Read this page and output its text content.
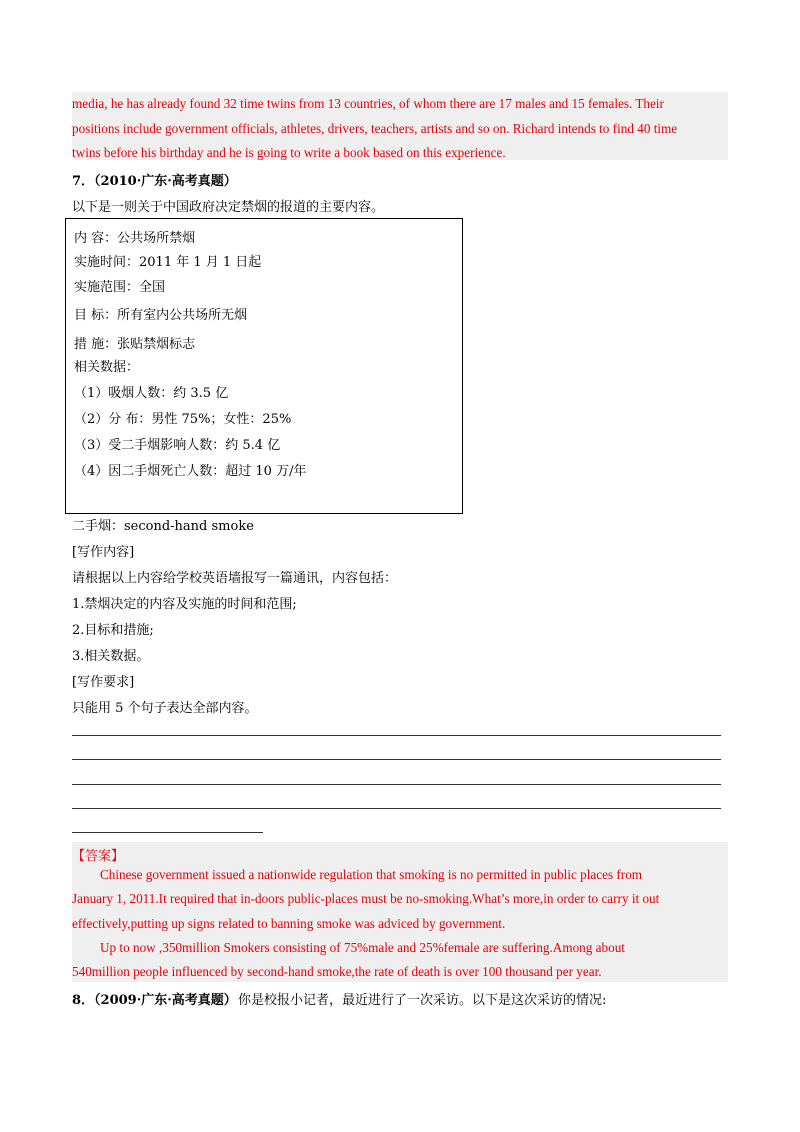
media, he has already found 32 time twins from 13 countries, of whom there are 17 males and 15 females. Their

positions include government officials, athletes, drivers, teachers, artists and so on. Richard intends to find 40 time

twins before his birthday and he is going to write a book based on this experience.

7．（2010·广东·高考真题）
以下是一则关于中国政府决定禁烟的报道的主要内容。
内 容：公共场所禁烟
实施时间：2011 年 1 月 1 日起
实施范围：全国
目 标：所有室内公共场所无烟
措 施：张贴禁烟标志
相关数据：
（1）吸烟人数：约 3.5 亿
（2）分 布：男性 75%；女性：25%
（3）受二手烟影响人数：约 5.4 亿
（4）因二手烟死亡人数：超过 10 万/年
二手烟：second-hand smoke
[写作内容]
请根据以上内容给学校英语墙报写一篇通讯，内容包括：
1.禁烟决定的内容及实施的时间和范围;
2.目标和措施;
3.相关数据。
[写作要求]
只能用 5 个句子表达全部内容。
【答案】
Chinese government issued a nationwide regulation that smoking is no permitted in public places from
January 1, 2011.It required that in-doors public-places must be no-smoking.What’s more,in order to carry it out
effectively,putting up signs related to banning smoke was adviced by government.
Up to now ,350million Smokers consisting of 75%male and 25%female are suffering.Among about
540million people influenced by second-hand smoke,the rate of death is over 100 thousand per year.
8．（2009·广东·高考真题） 你是校报小记者，最近进行了一次采访。以下是这次采访的情况:
